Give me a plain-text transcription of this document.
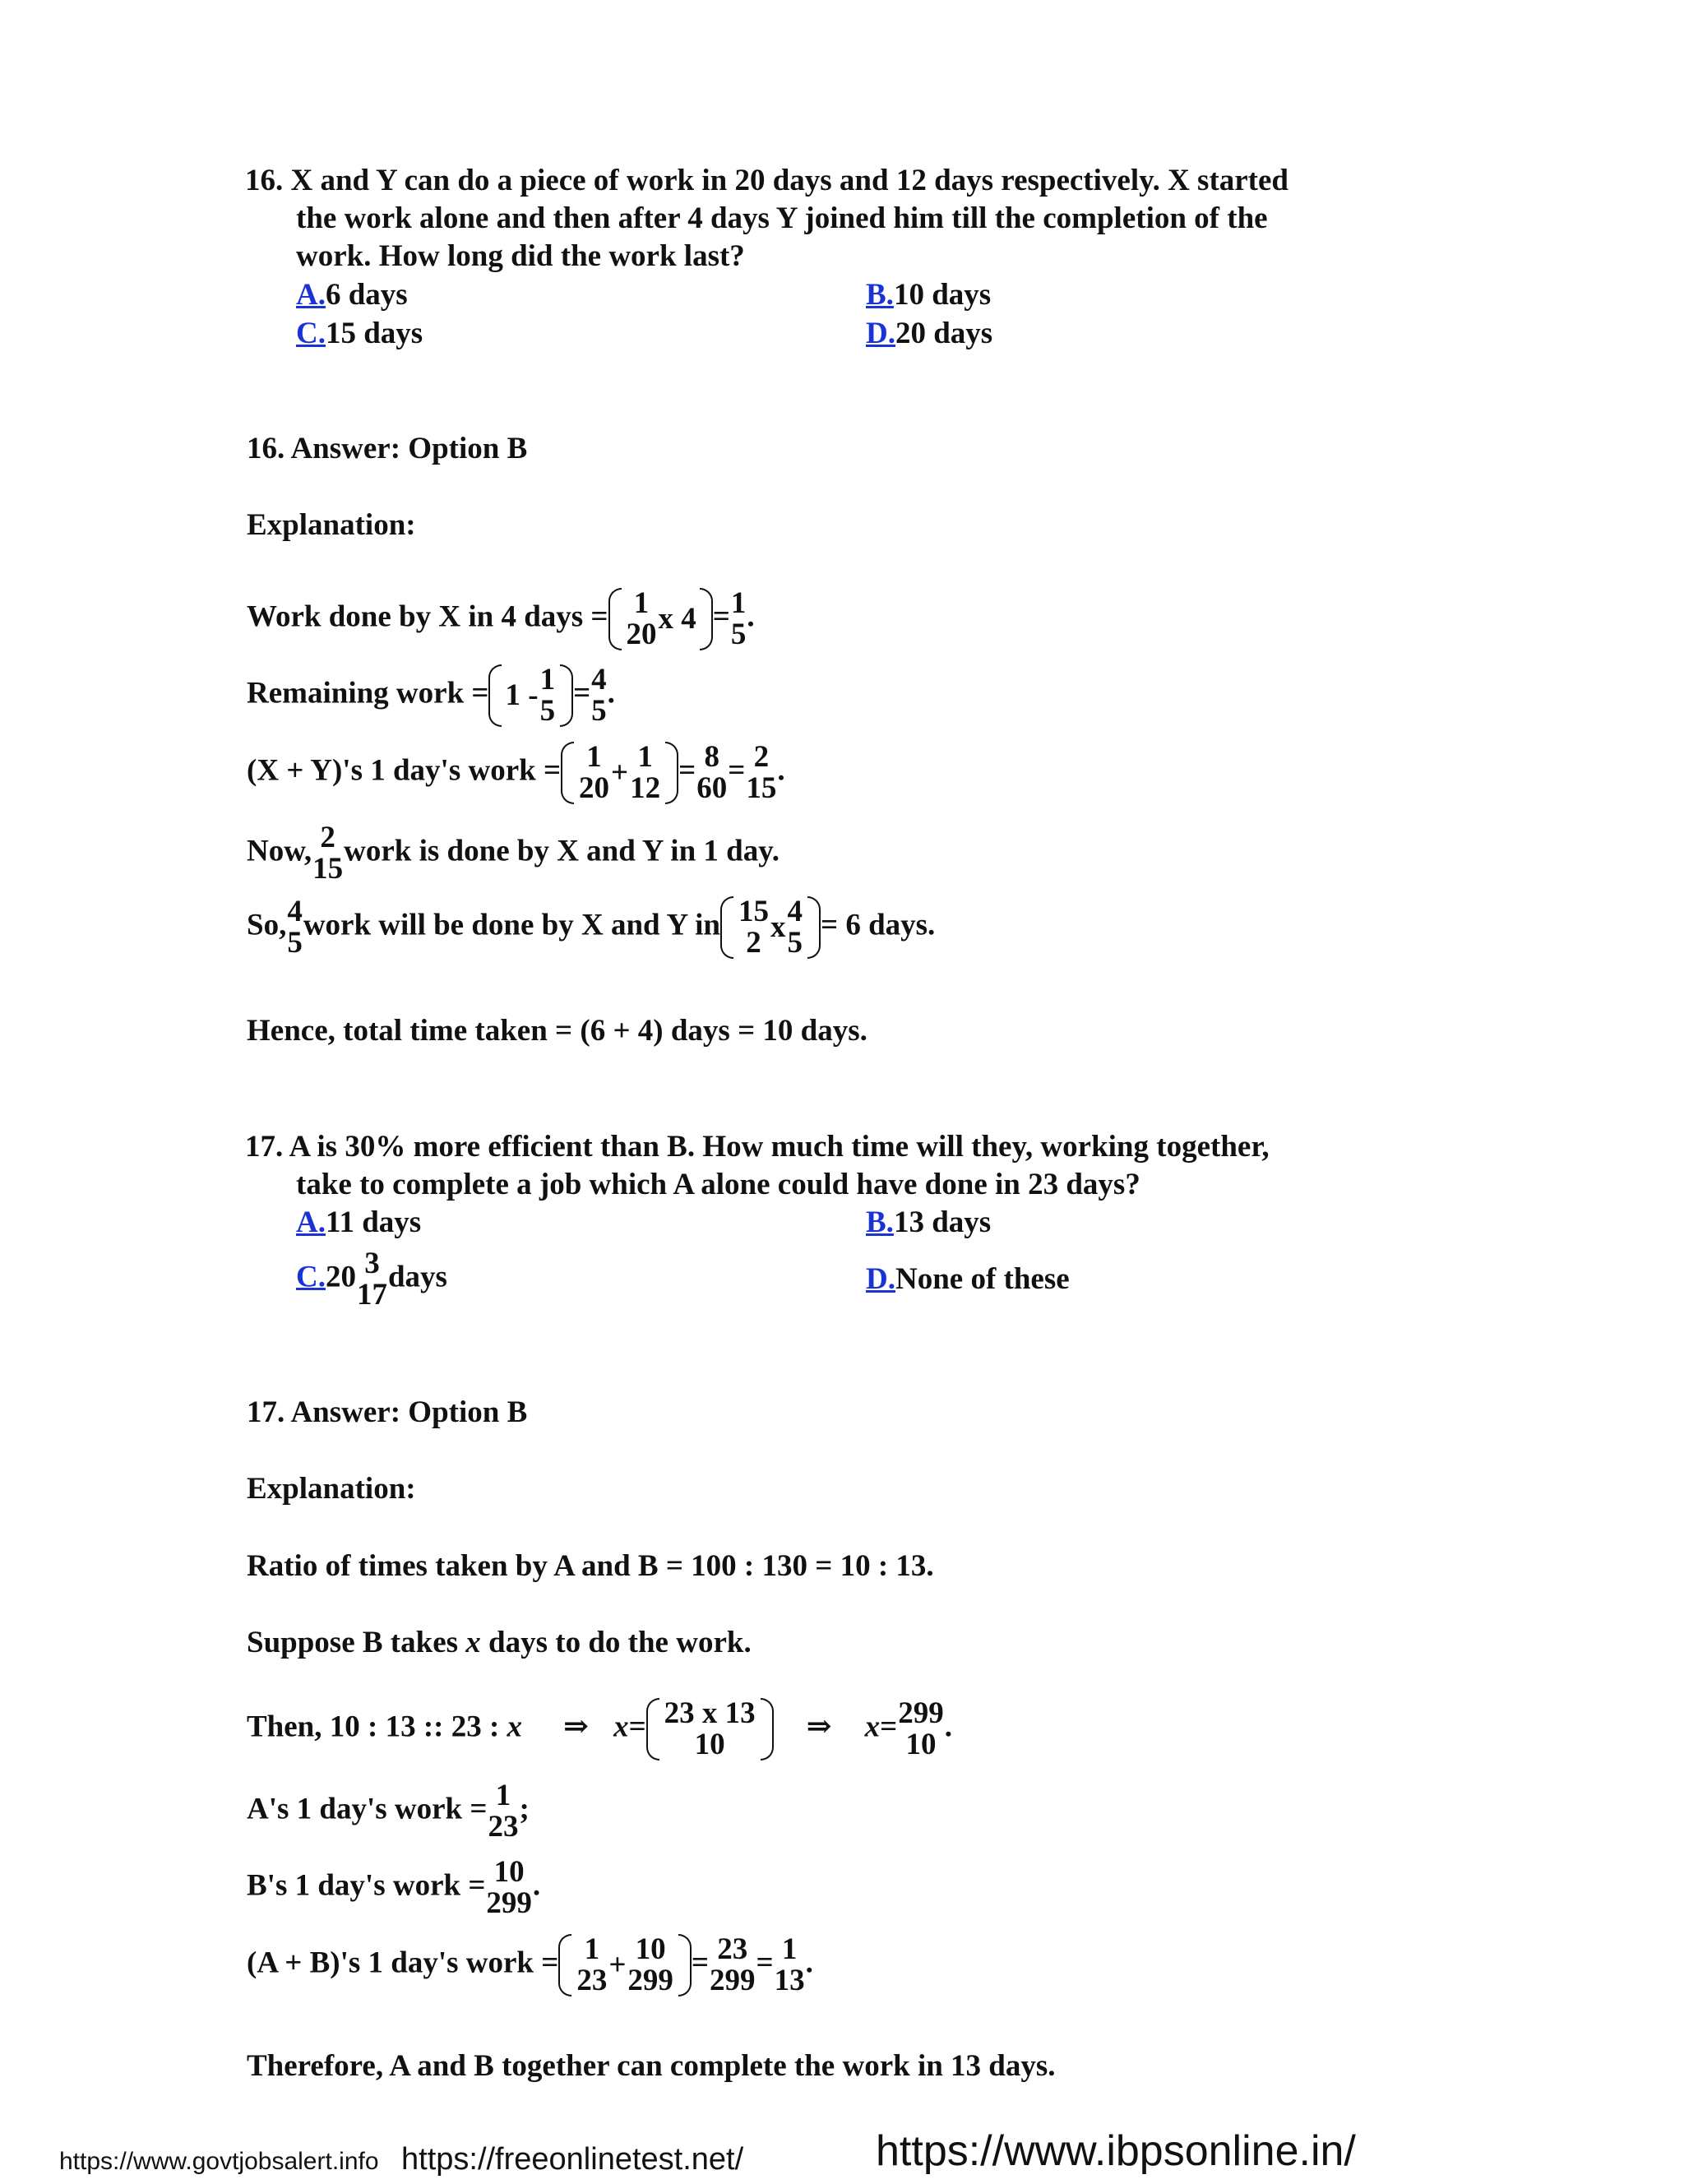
16. X and Y can do a piece of work in 20 days and 12 days respectively. X started
the work alone and then after 4 days Y joined him till the completion of the
work. How long did the work last?
A.6 days	B.10 days
C.15 days	D.20 days
16. Answer: Option B
Explanation:
Work done by X in 4 days = 1
20 x 4 = 1
5
.
Remaining work = 1 - 1
5
= 4
5
.
(X + Y)'s 1 day's work = 1
20 + 1
12
= 8
60
= 2
15
.
Now, 2
15
work is done by X and Y in 1 day.
So, 4
5
work will be done by X and Y in 15
2 x 4
5
= 6 days.
Hence, total time taken = (6 + 4) days = 10 days.
17. A is 30% more efficient than B. How much time will they, working together,
take to complete a job which A alone could have done in 23 days?
A.11 days	B.13 days
C.20 3
17
days	D.None of these
17. Answer: Option B
Explanation:
Ratio of times taken by A and B = 100 : 130 = 10 : 13.
Suppose B takes x days to do the work.
Then, 10 : 13 :: 23 : x ⇒ x= 23 x 13
10
⇒ x= 299
10
.
A's 1 day's work = 1
23
;
B's 1 day's work = 10
299
.
(A + B)'s 1 day's work = 1
23 + 10
299
= 23
299
= 1
13
.
Therefore, A and B together can complete the work in 13 days.
https://www.govtjobsalert.info https://freeonlinetest.net/	https://www.ibpsonline.in/
